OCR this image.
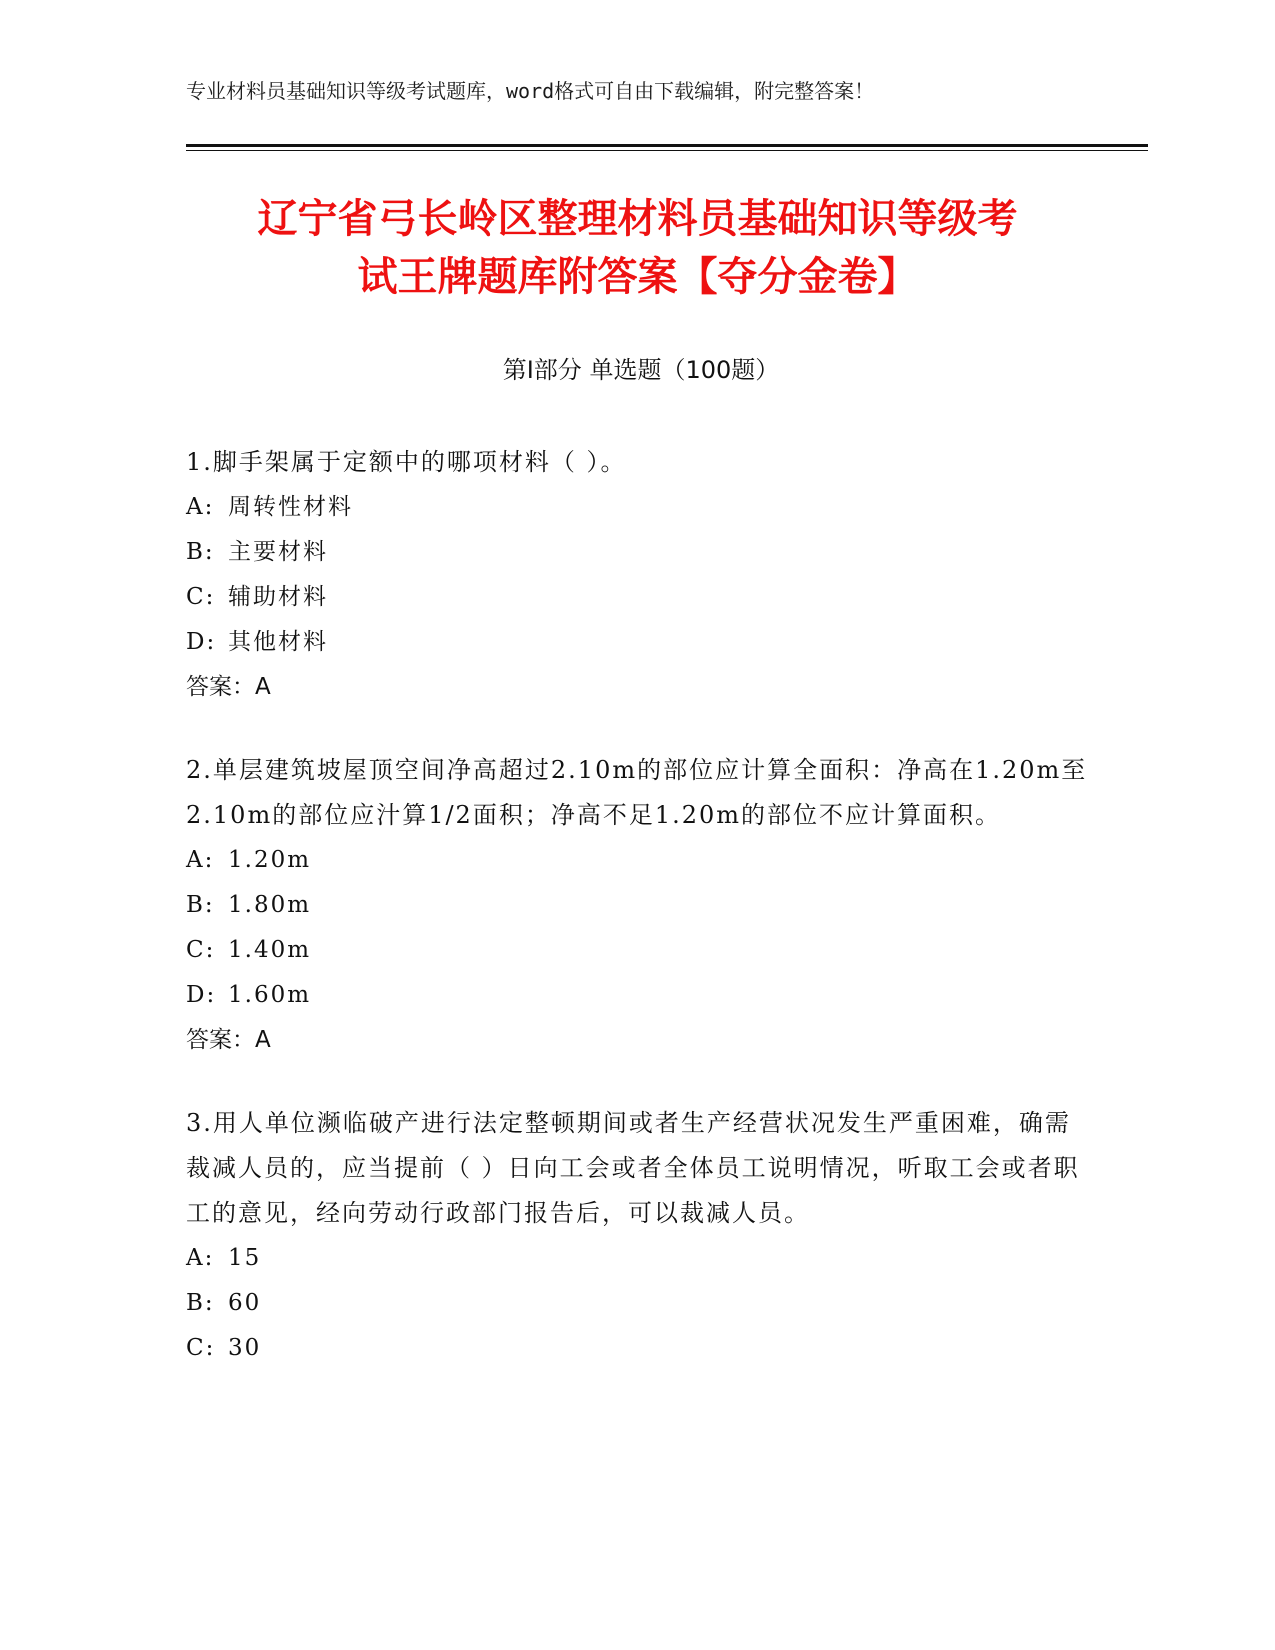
专业材料员基础知识等级考试题库，word格式可自由下载编辑，附完整答案！
辽宁省弓长岭区整理材料员基础知识等级考
试王牌题库附答案【夺分金卷】
第Ⅰ部分 单选题（100题）

1.脚手架属于定额中的哪项材料（ ）。

A: 周转性材料

B: 主要材料

C: 辅助材料

D: 其他材料

答案：A

2.单层建筑坡屋顶空间净高超过2.10m的部位应计算全面积：净高在1.20m至2.10m的部位应汁算1/2面积；净高不足1.20m的部位不应计算面积。

A: 1.20m

B: 1.80m

C: 1.40m

D: 1.60m

答案：A

3.用人单位濒临破产进行法定整顿期间或者生产经营状况发生严重困难，确需裁减人员的，应当提前（ ）日向工会或者全体员工说明情况，听取工会或者职工的意见，经向劳动行政部门报告后，可以裁减人员。

A: 15

B: 60

C: 30
